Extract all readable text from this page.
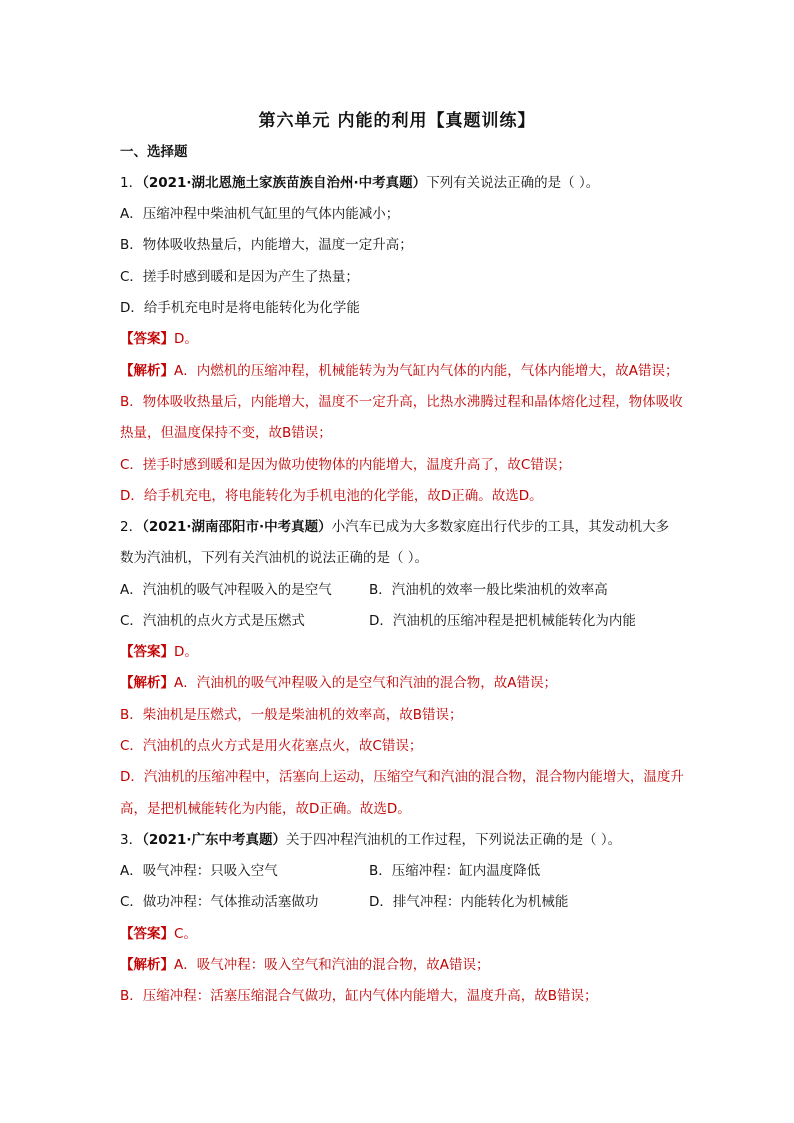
第六单元 内能的利用【真题训练】
一、选择题
1．（2021·湖北恩施土家族苗族自治州·中考真题）下列有关说法正确的是（ ）。
A．压缩冲程中柴油机气缸里的气体内能减小；
B．物体吸收热量后，内能增大，温度一定升高；
C．搓手时感到暖和是因为产生了热量；
D．给手机充电时是将电能转化为化学能
【答案】D。
【解析】A．内燃机的压缩冲程，机械能转为为气缸内气体的内能，气体内能增大，故A错误；
B．物体吸收热量后，内能增大，温度不一定升高，比热水沸腾过程和晶体熔化过程，物体吸收
热量，但温度保持不变，故B错误；
C．搓手时感到暖和是因为做功使物体的内能增大，温度升高了，故C错误；
D．给手机充电，将电能转化为手机电池的化学能，故D正确。故选D。
2．（2021·湖南邵阳市·中考真题）小汽车已成为大多数家庭出行代步的工具，其发动机大多
数为汽油机，下列有关汽油机的说法正确的是（ ）。
A．汽油机的吸气冲程吸入的是空气	B．汽油机的效率一般比柴油机的效率高
C．汽油机的点火方式是压燃式	D．汽油机的压缩冲程是把机械能转化为内能
【答案】D。
【解析】A．汽油机的吸气冲程吸入的是空气和汽油的混合物，故A错误；
B．柴油机是压燃式，一般是柴油机的效率高，故B错误；
C．汽油机的点火方式是用火花塞点火，故C错误；
D．汽油机的压缩冲程中，活塞向上运动，压缩空气和汽油的混合物，混合物内能增大，温度升
高，是把机械能转化为内能，故D正确。故选D。
3．（2021·广东中考真题）关于四冲程汽油机的工作过程，下列说法正确的是（ ）。
A．吸气冲程：只吸入空气	B．压缩冲程：缸内温度降低
C．做功冲程：气体推动活塞做功	D．排气冲程：内能转化为机械能
【答案】C。
【解析】A．吸气冲程：吸入空气和汽油的混合物，故A错误；
B．压缩冲程：活塞压缩混合气做功，缸内气体内能增大，温度升高，故B错误；
